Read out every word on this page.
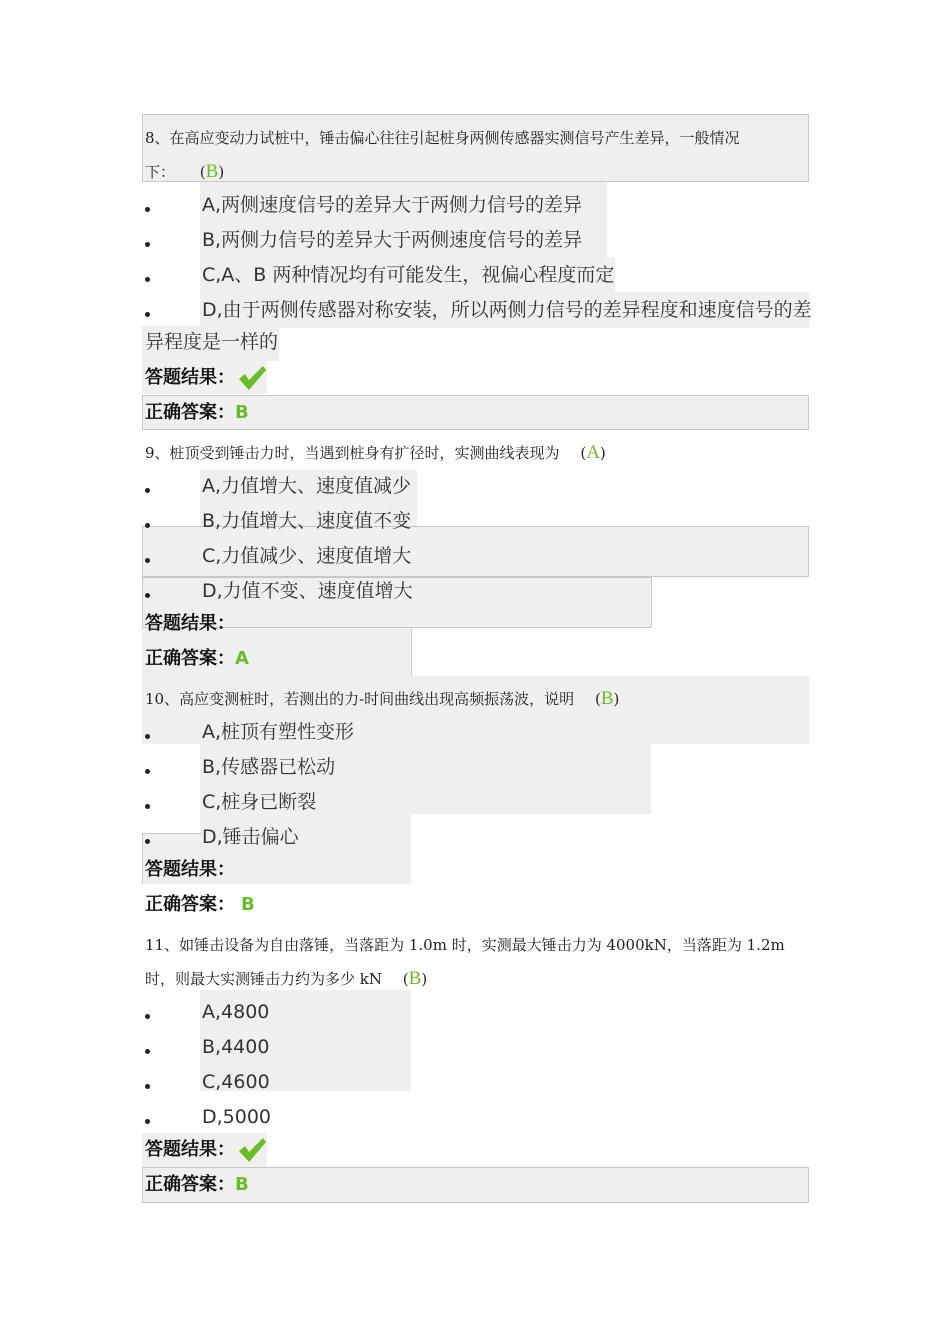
8、在高应变动力试桩中，锤击偏心往往引起桩身两侧传感器实测信号产生差异，一般情况
下： (B)
A,两侧速度信号的差异大于两侧力信号的差异
B,两侧力信号的差异大于两侧速度信号的差异
C,A、B 两种情况均有可能发生，视偏心程度而定
D,由于两侧传感器对称安装，所以两侧力信号的差异程度和速度信号的差
异程度是一样的
答题结果：
正确答案：B
9、桩顶受到锤击力时，当遇到桩身有扩径时，实测曲线表现为 (A)
A,力值增大、速度值减少
B,力值增大、速度值不变
C,力值减少、速度值增大
D,力值不变、速度值增大
答题结果：
正确答案：A
10、高应变测桩时，若测出的力-时间曲线出现高频振荡波，说明 (B)
A,桩顶有塑性变形
B,传感器已松动
C,桩身已断裂
D,锤击偏心
答题结果：
正确答案： B
11、如锤击设备为自由落锤，当落距为 1.0m 时，实测最大锤击力为 4000kN，当落距为 1.2m
时，则最大实测锤击力约为多少 kN (B)
A,4800
B,4400
C,4600
D,5000
答题结果：
正确答案：B
